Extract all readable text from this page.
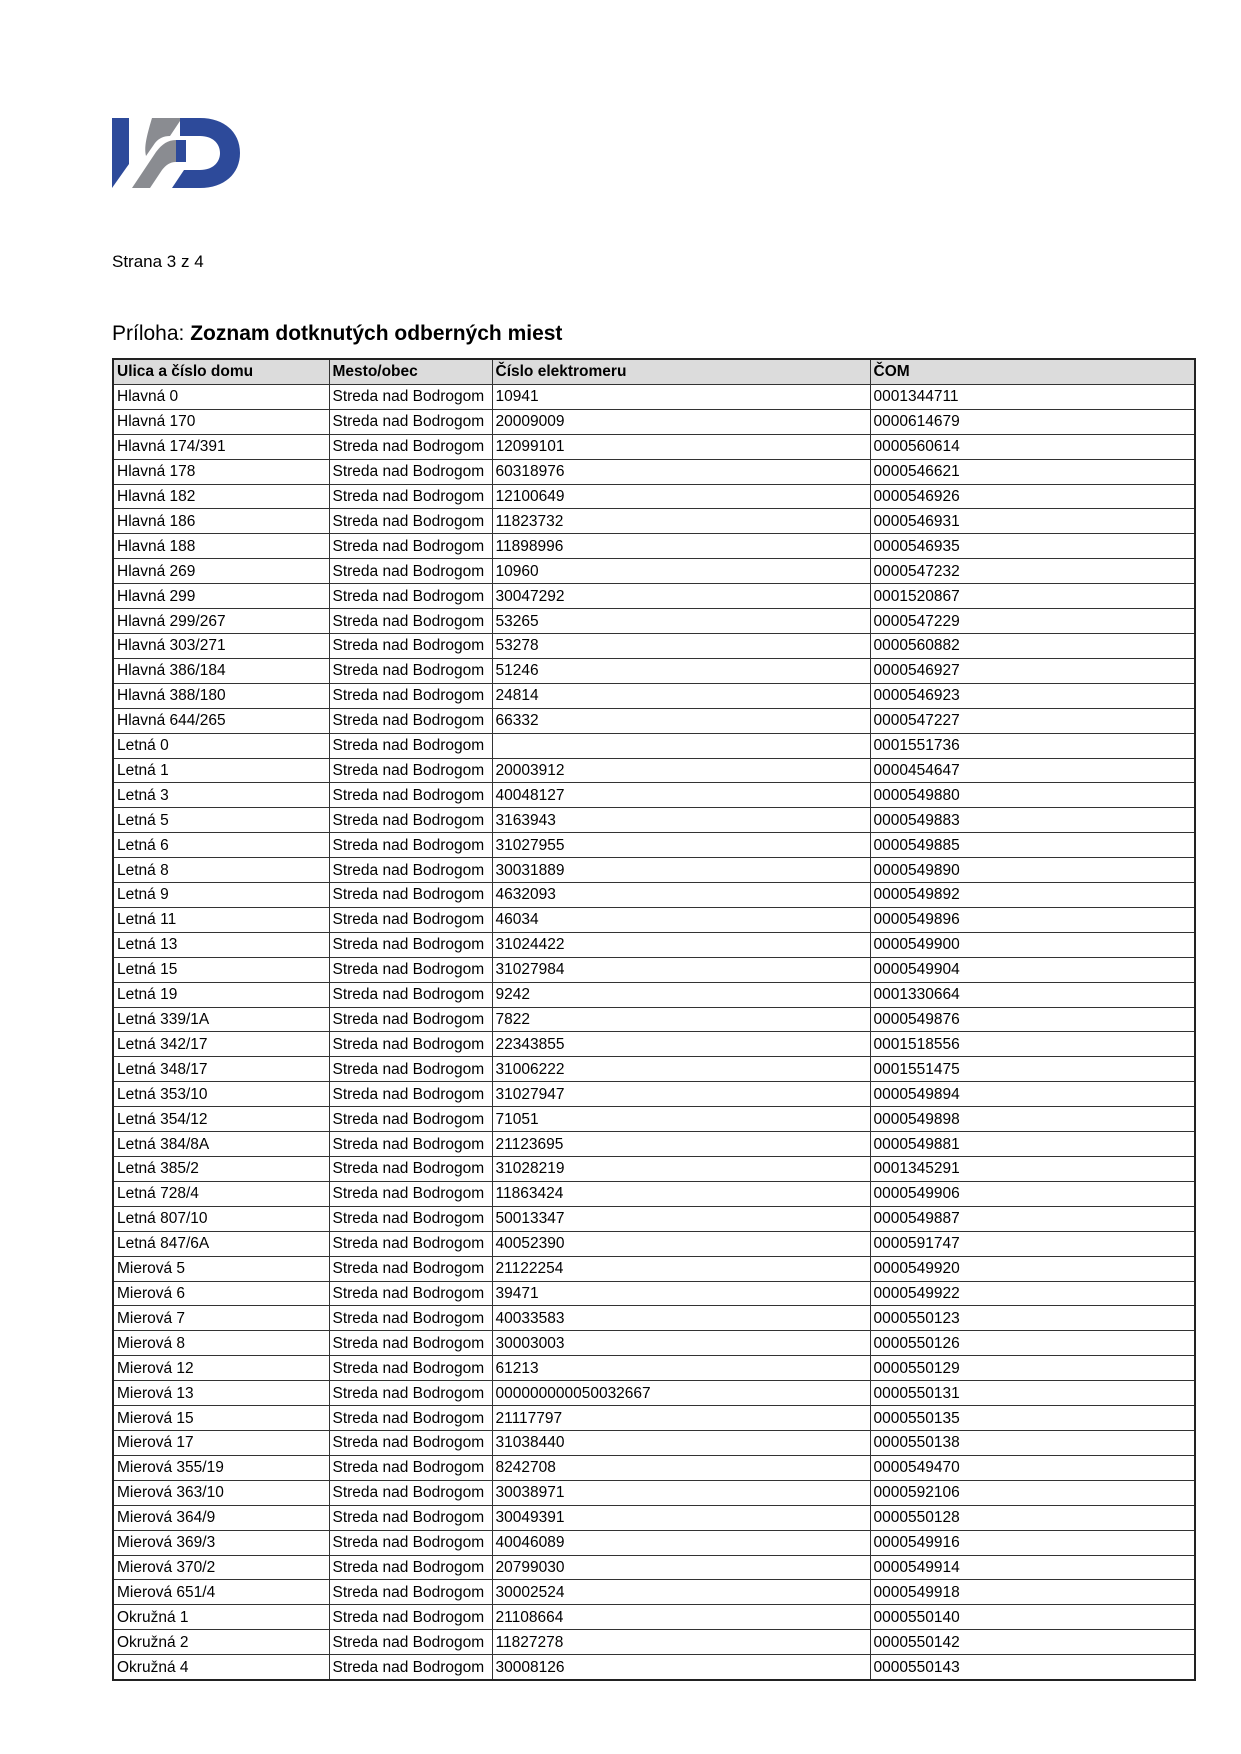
Strana 3 z 4
Príloha: Zoznam dotknutých odberných miest
Ulica a číslo domu	Mesto/obec	Číslo elektromeru	ČOM
Hlavná 0	Streda nad Bodrogom	10941	0001344711
Hlavná 170	Streda nad Bodrogom	20009009	0000614679
Hlavná 174/391	Streda nad Bodrogom	12099101	0000560614
Hlavná 178	Streda nad Bodrogom	60318976	0000546621
Hlavná 182	Streda nad Bodrogom	12100649	0000546926
Hlavná 186	Streda nad Bodrogom	11823732	0000546931
Hlavná 188	Streda nad Bodrogom	11898996	0000546935
Hlavná 269	Streda nad Bodrogom	10960	0000547232
Hlavná 299	Streda nad Bodrogom	30047292	0001520867
Hlavná 299/267	Streda nad Bodrogom	53265	0000547229
Hlavná 303/271	Streda nad Bodrogom	53278	0000560882
Hlavná 386/184	Streda nad Bodrogom	51246	0000546927
Hlavná 388/180	Streda nad Bodrogom	24814	0000546923
Hlavná 644/265	Streda nad Bodrogom	66332	0000547227
Letná 0	Streda nad Bodrogom		0001551736
Letná 1	Streda nad Bodrogom	20003912	0000454647
Letná 3	Streda nad Bodrogom	40048127	0000549880
Letná 5	Streda nad Bodrogom	3163943	0000549883
Letná 6	Streda nad Bodrogom	31027955	0000549885
Letná 8	Streda nad Bodrogom	30031889	0000549890
Letná 9	Streda nad Bodrogom	4632093	0000549892
Letná 11	Streda nad Bodrogom	46034	0000549896
Letná 13	Streda nad Bodrogom	31024422	0000549900
Letná 15	Streda nad Bodrogom	31027984	0000549904
Letná 19	Streda nad Bodrogom	9242	0001330664
Letná 339/1A	Streda nad Bodrogom	7822	0000549876
Letná 342/17	Streda nad Bodrogom	22343855	0001518556
Letná 348/17	Streda nad Bodrogom	31006222	0001551475
Letná 353/10	Streda nad Bodrogom	31027947	0000549894
Letná 354/12	Streda nad Bodrogom	71051	0000549898
Letná 384/8A	Streda nad Bodrogom	21123695	0000549881
Letná 385/2	Streda nad Bodrogom	31028219	0001345291
Letná 728/4	Streda nad Bodrogom	11863424	0000549906
Letná 807/10	Streda nad Bodrogom	50013347	0000549887
Letná 847/6A	Streda nad Bodrogom	40052390	0000591747
Mierová 5	Streda nad Bodrogom	21122254	0000549920
Mierová 6	Streda nad Bodrogom	39471	0000549922
Mierová 7	Streda nad Bodrogom	40033583	0000550123
Mierová 8	Streda nad Bodrogom	30003003	0000550126
Mierová 12	Streda nad Bodrogom	61213	0000550129
Mierová 13	Streda nad Bodrogom	000000000050032667	0000550131
Mierová 15	Streda nad Bodrogom	21117797	0000550135
Mierová 17	Streda nad Bodrogom	31038440	0000550138
Mierová 355/19	Streda nad Bodrogom	8242708	0000549470
Mierová 363/10	Streda nad Bodrogom	30038971	0000592106
Mierová 364/9	Streda nad Bodrogom	30049391	0000550128
Mierová 369/3	Streda nad Bodrogom	40046089	0000549916
Mierová 370/2	Streda nad Bodrogom	20799030	0000549914
Mierová 651/4	Streda nad Bodrogom	30002524	0000549918
Okružná 1	Streda nad Bodrogom	21108664	0000550140
Okružná 2	Streda nad Bodrogom	11827278	0000550142
Okružná 4	Streda nad Bodrogom	30008126	0000550143
